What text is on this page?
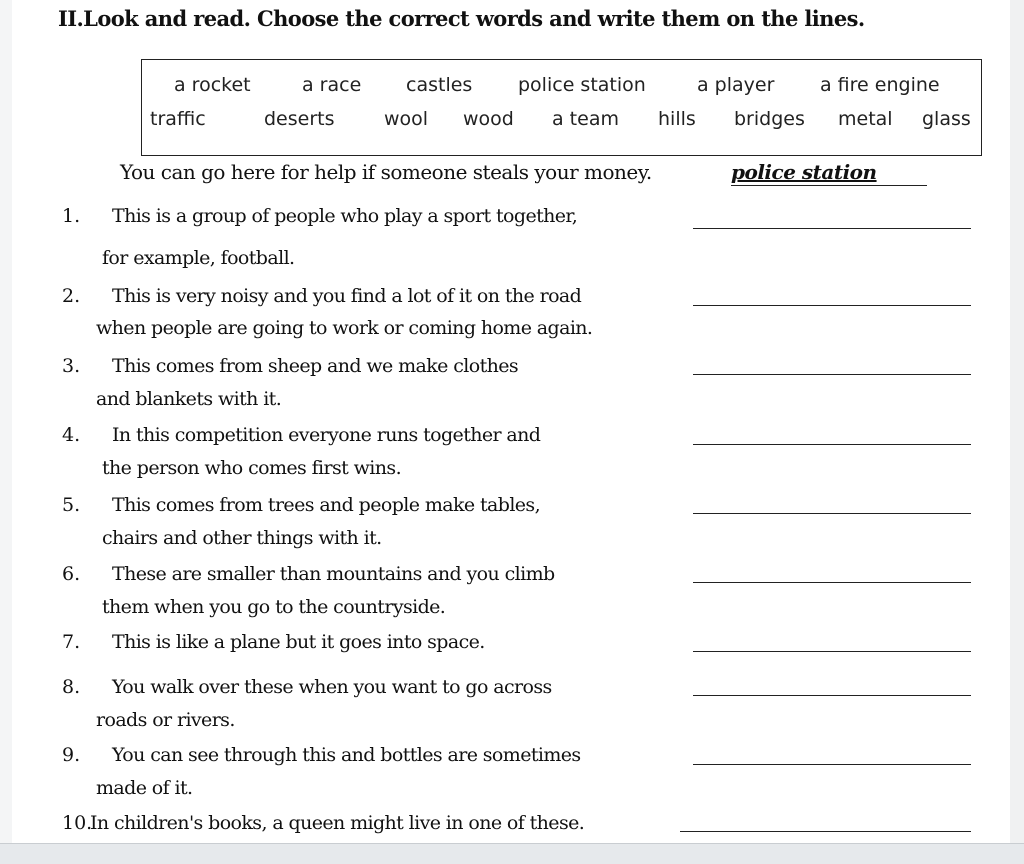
II.Look and read. Choose the correct words and write them on the lines.
a rocket	a race castles police station	a player a fire engine
traffic	deserts	wool wood a team hills bridges metal glass
You can go here for help if someone steals your money.	police station
1. This is a group of people who play a sport together,
for example, football.
2. This is very noisy and you find a lot of it on the road
when people are going to work or coming home again.
3. This comes from sheep and we make clothes
and blankets with it.
4. In this competition everyone runs together and
the person who comes first wins.
5. This comes from trees and people make tables,
chairs and other things with it.
6. These are smaller than mountains and you climb
them when you go to the countryside.
7. This is like a plane but it goes into space.
8. You walk over these when you want to go across
roads or rivers.
9. You can see through this and bottles are sometimes
made of it.
10.
In children's books, a queen might live in one of these.
